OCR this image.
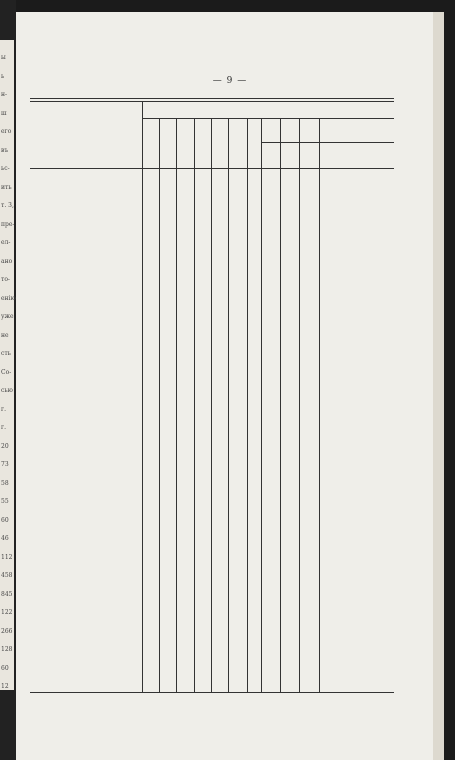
ы
ь
н-
ш
его
въ
ьс-
ить
т. 3,
пре-
ел-
ано
то-
енію
уже
не
сть
Со-
сью
г.
г.
20
73
58
55
60
46
112
458
845
122
266
128
60
12
— 9 —
